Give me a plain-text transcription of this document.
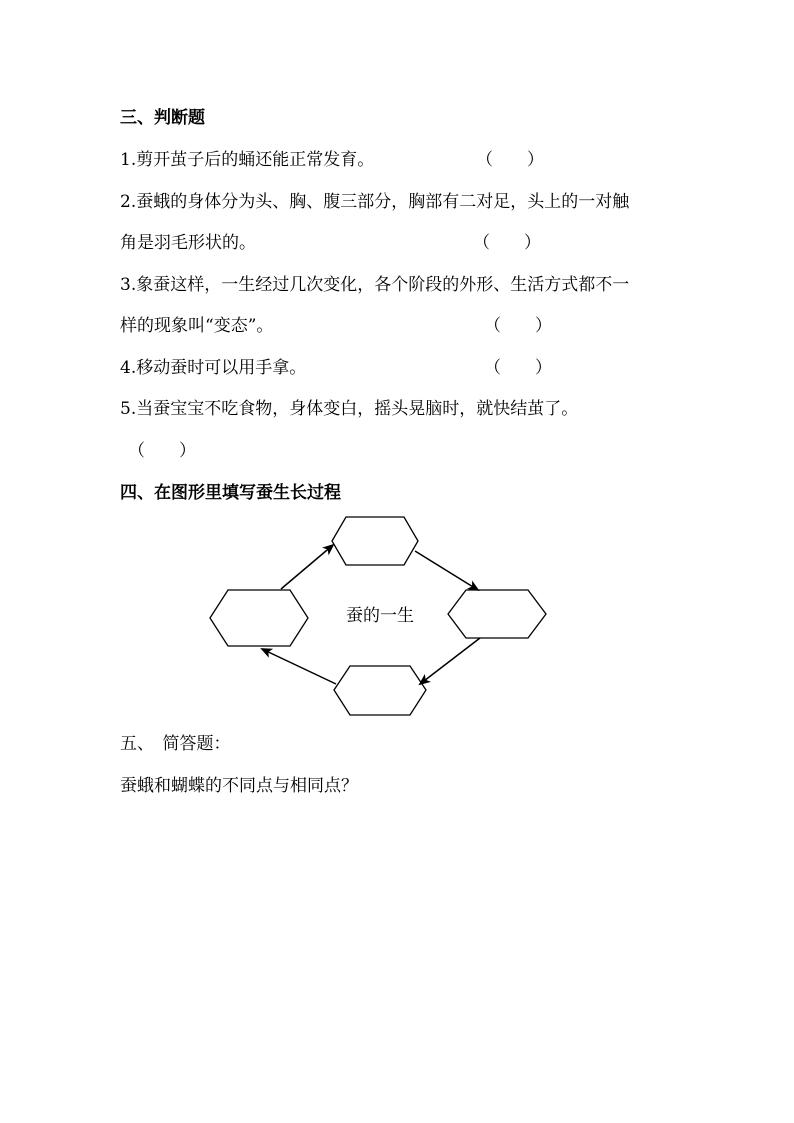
三、判断题
1.剪开茧子后的蛹还能正常发育。	（　　）
2.蚕蛾的身体分为头、胸、腹三部分，胸部有二对足，头上的一对触
角是羽毛形状的。	（　　）
3.象蚕这样，一生经过几次变化，各个阶段的外形、生活方式都不一
样的现象叫“变态”。	（　　）
4.移动蚕时可以用手拿。	（　　）
5.当蚕宝宝不吃食物，身体变白，摇头晃脑时，就快结茧了。
（　　）
四、在图形里填写蚕生长过程
蚕的一生
五、　简答题：
蚕蛾和蝴蝶的不同点与相同点？
